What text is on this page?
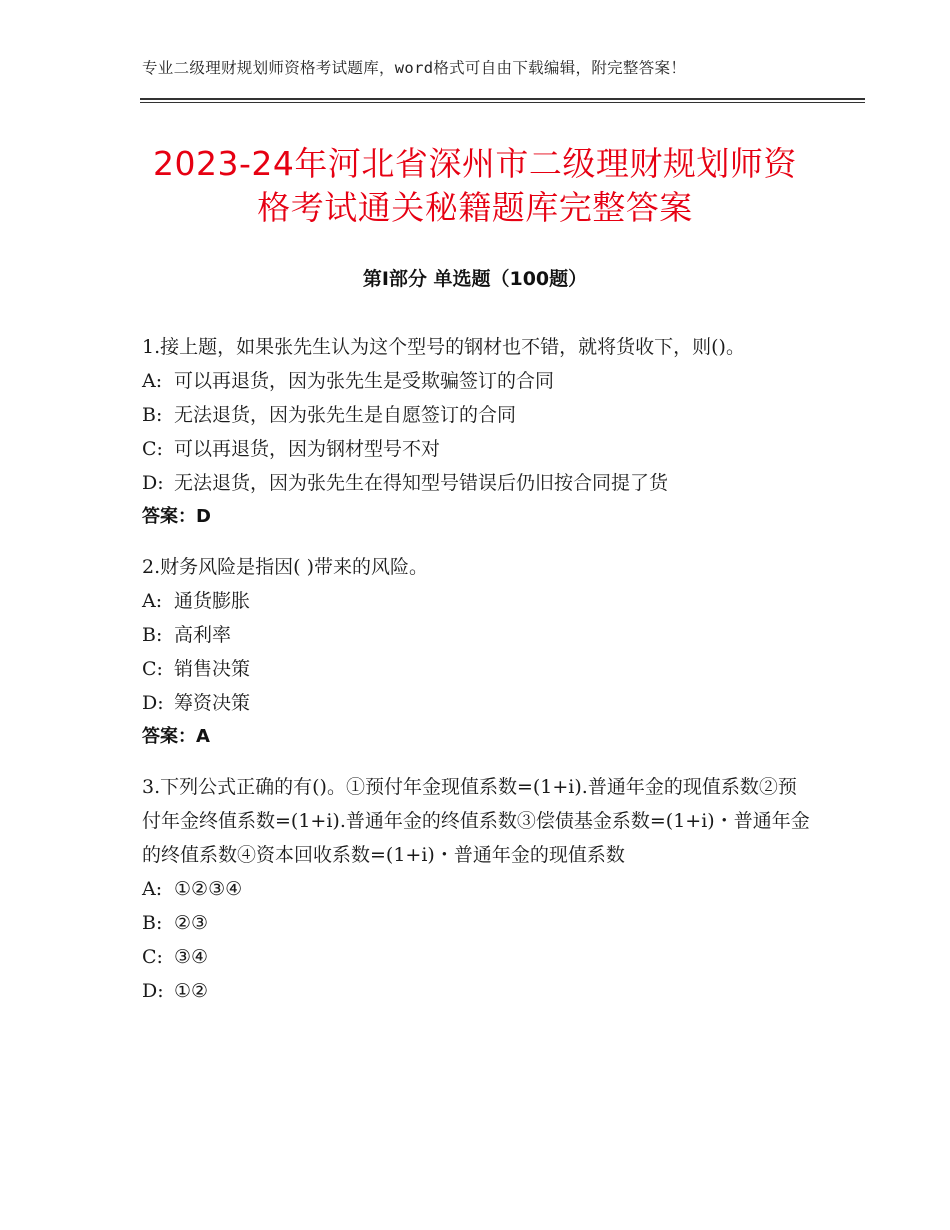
专业二级理财规划师资格考试题库，word格式可自由下载编辑，附完整答案！
2023-24年河北省深州市二级理财规划师资
格考试通关秘籍题库完整答案
第Ⅰ部分 单选题（100题）

1.接上题，如果张先生认为这个型号的钢材也不错，就将货收下，则()。

A: 可以再退货，因为张先生是受欺骗签订的合同

B: 无法退货，因为张先生是自愿签订的合同

C: 可以再退货，因为钢材型号不对

D: 无法退货，因为张先生在得知型号错误后仍旧按合同提了货

答案：D

2.财务风险是指因( )带来的风险。

A: 通货膨胀

B: 高利率

C: 销售决策

D: 筹资决策

答案：A

3.下列公式正确的有()。①预付年金现值系数=(1+i).普通年金的现值系数②预付年金终值系数=(1+i).普通年金的终值系数③偿债基金系数=(1+i)・普通年金的终值系数④资本回收系数=(1+i)・普通年金的现值系数

A: ①②③④

B: ②③

C: ③④

D: ①②
